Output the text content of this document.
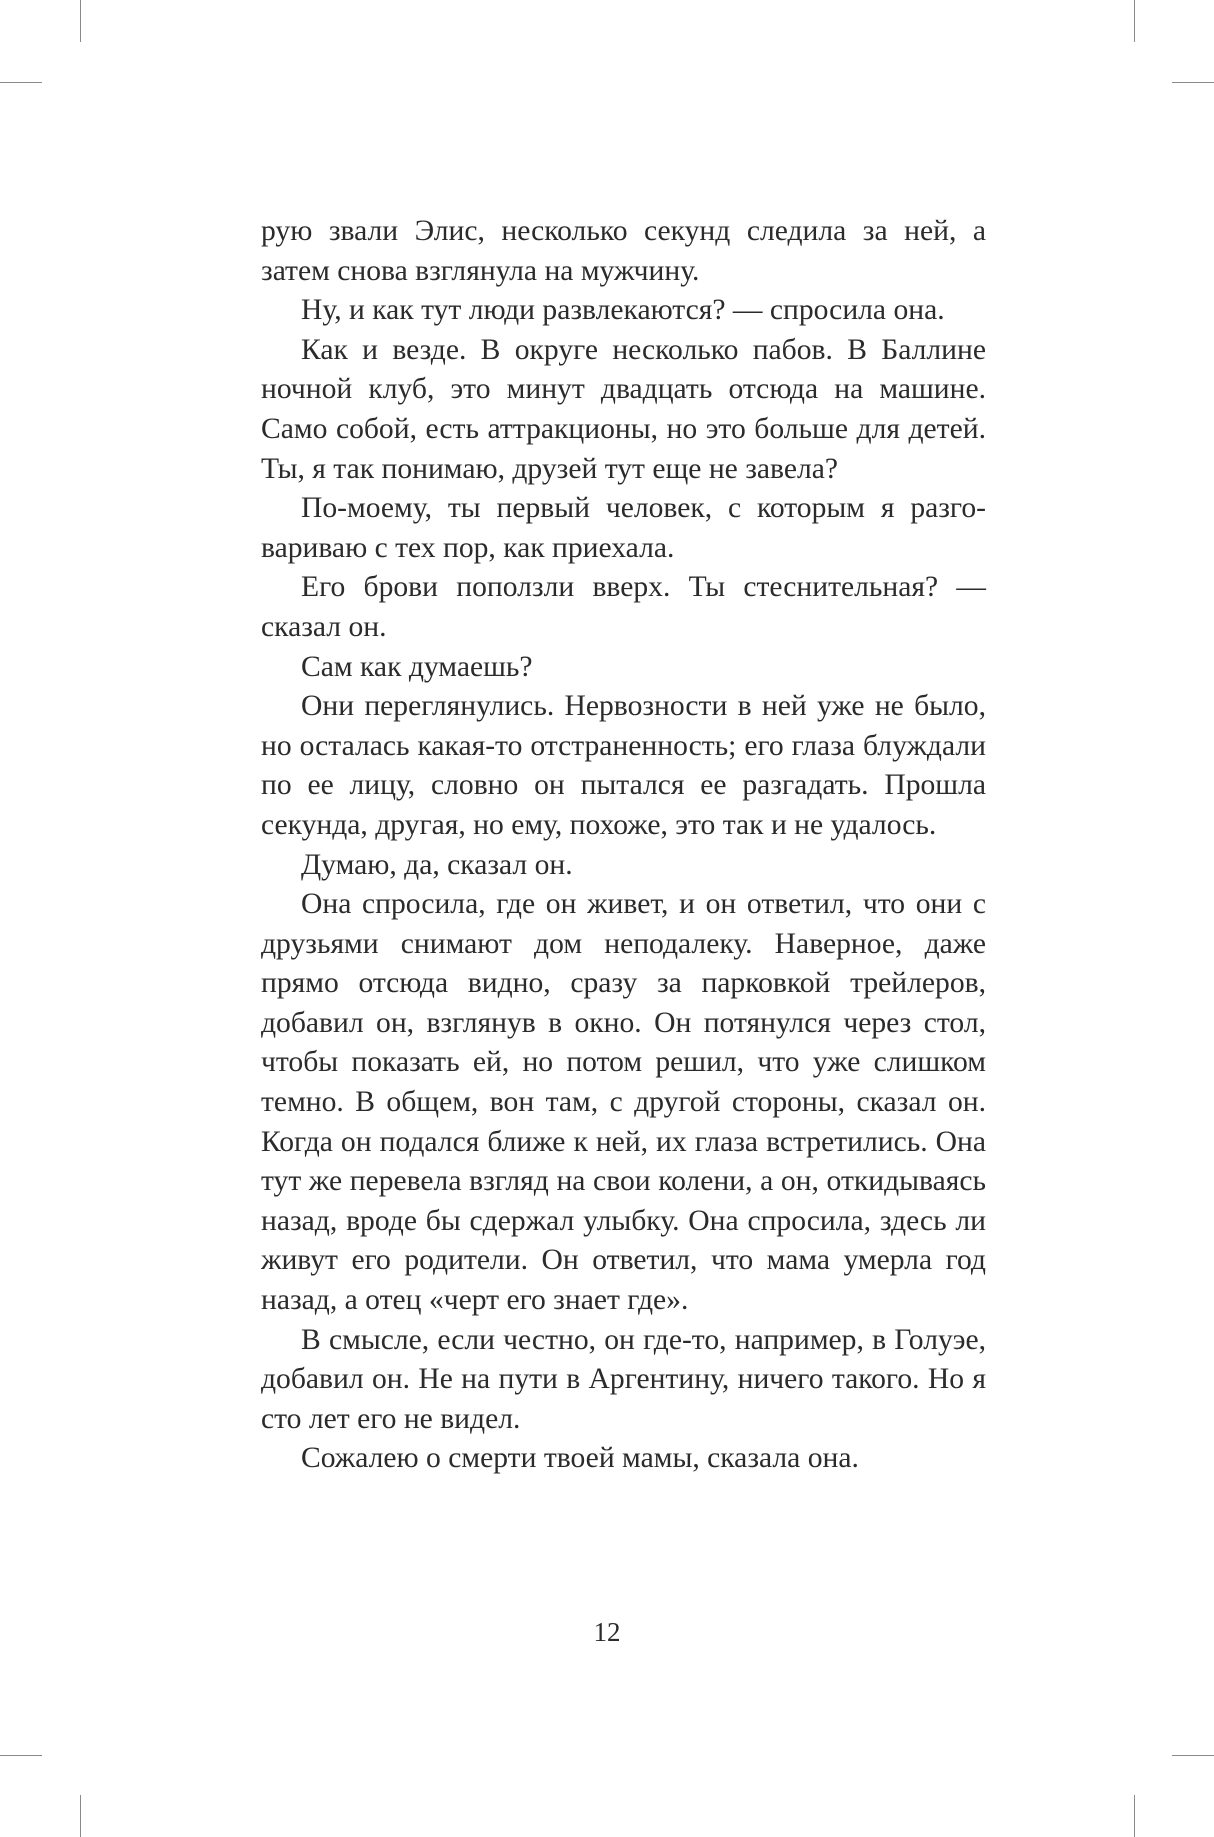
рую звали Элис, несколько секунд следила за ней, а затем снова взглянула на мужчину.

Ну, и как тут люди развлекаются? — спросила она.

Как и везде. В округе несколько пабов. В Баллине ночной клуб, это минут двадцать отсюда на машине. Само собой, есть аттракционы, но это больше для детей. Ты, я так понимаю, друзей тут еще не завела?

По-моему, ты первый человек, с которым я разговариваю с тех пор, как приехала.

Его брови поползли вверх. Ты стеснительная? — сказал он.

Сам как думаешь?

Они переглянулись. Нервозности в ней уже не было, но осталась какая-то отстраненность; его глаза блуждали по ее лицу, словно он пытался ее разгадать. Прошла секунда, другая, но ему, похоже, это так и не удалось.

Думаю, да, сказал он.

Она спросила, где он живет, и он ответил, что они с друзьями снимают дом неподалеку. Наверное, даже прямо отсюда видно, сразу за парковкой трейлеров, добавил он, взглянув в окно. Он потянулся через стол, чтобы показать ей, но потом решил, что уже слишком темно. В общем, вон там, с другой стороны, сказал он. Когда он подался ближе к ней, их глаза встретились. Она тут же перевела взгляд на свои колени, а он, откидываясь назад, вроде бы сдержал улыбку. Она спросила, здесь ли живут его родители. Он ответил, что мама умерла год назад, а отец «черт его знает где».

В смысле, если честно, он где-то, например, в Голуэе, добавил он. Не на пути в Аргентину, ничего такого. Но я сто лет его не видел.

Сожалею о смерти твоей мамы, сказала она.

12
